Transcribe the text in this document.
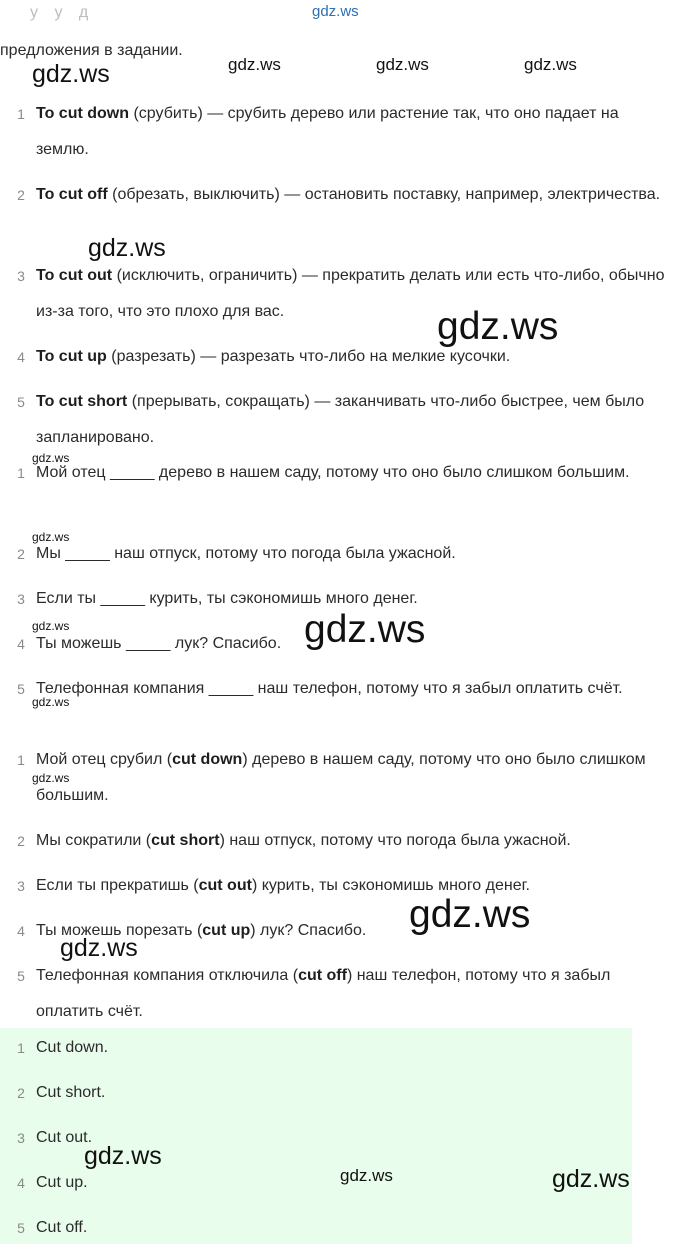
gdz.ws
у у д
предложения в задании.
1 To cut down (срубить) — срубить дерево или растение так, что оно падает на землю.
2 To cut off (обрезать, выключить) — остановить поставку, например, электричества.
3 To cut out (исключить, ограничить) — прекратить делать или есть что-либо, обычно из-за того, что это плохо для вас.
4 To cut up (разрезать) — разрезать что-либо на мелкие кусочки.
5 To cut short (прерывать, сокращать) — заканчивать что-либо быстрее, чем было запланировано.
1 Мой отец _____ дерево в нашем саду, потому что оно было слишком большим.
2 Мы _____ наш отпуск, потому что погода была ужасной.
3 Если ты _____ курить, ты сэкономишь много денег.
4 Ты можешь _____ лук? Спасибо.
5 Телефонная компания _____ наш телефон, потому что я забыл оплатить счёт.
1 Мой отец срубил (cut down) дерево в нашем саду, потому что оно было слишком большим.
2 Мы сократили (cut short) наш отпуск, потому что погода была ужасной.
3 Если ты прекратишь (cut out) курить, ты сэкономишь много денег.
4 Ты можешь порезать (cut up) лук? Спасибо.
5 Телефонная компания отключила (cut off) наш телефон, потому что я забыл оплатить счёт.
1 Cut down.
2 Cut short.
3 Cut out.
4 Cut up.
5 Cut off.
gdz.ws	gdz.ws	gdz.ws	gdz.ws
gdz.ws
gdz.ws
gdz.ws
gdz.ws
gdz.ws	gdz.ws
gdz.ws
gdz.ws
gdz.ws
gdz.ws
gdz.ws
gdz.ws	gdz.ws
